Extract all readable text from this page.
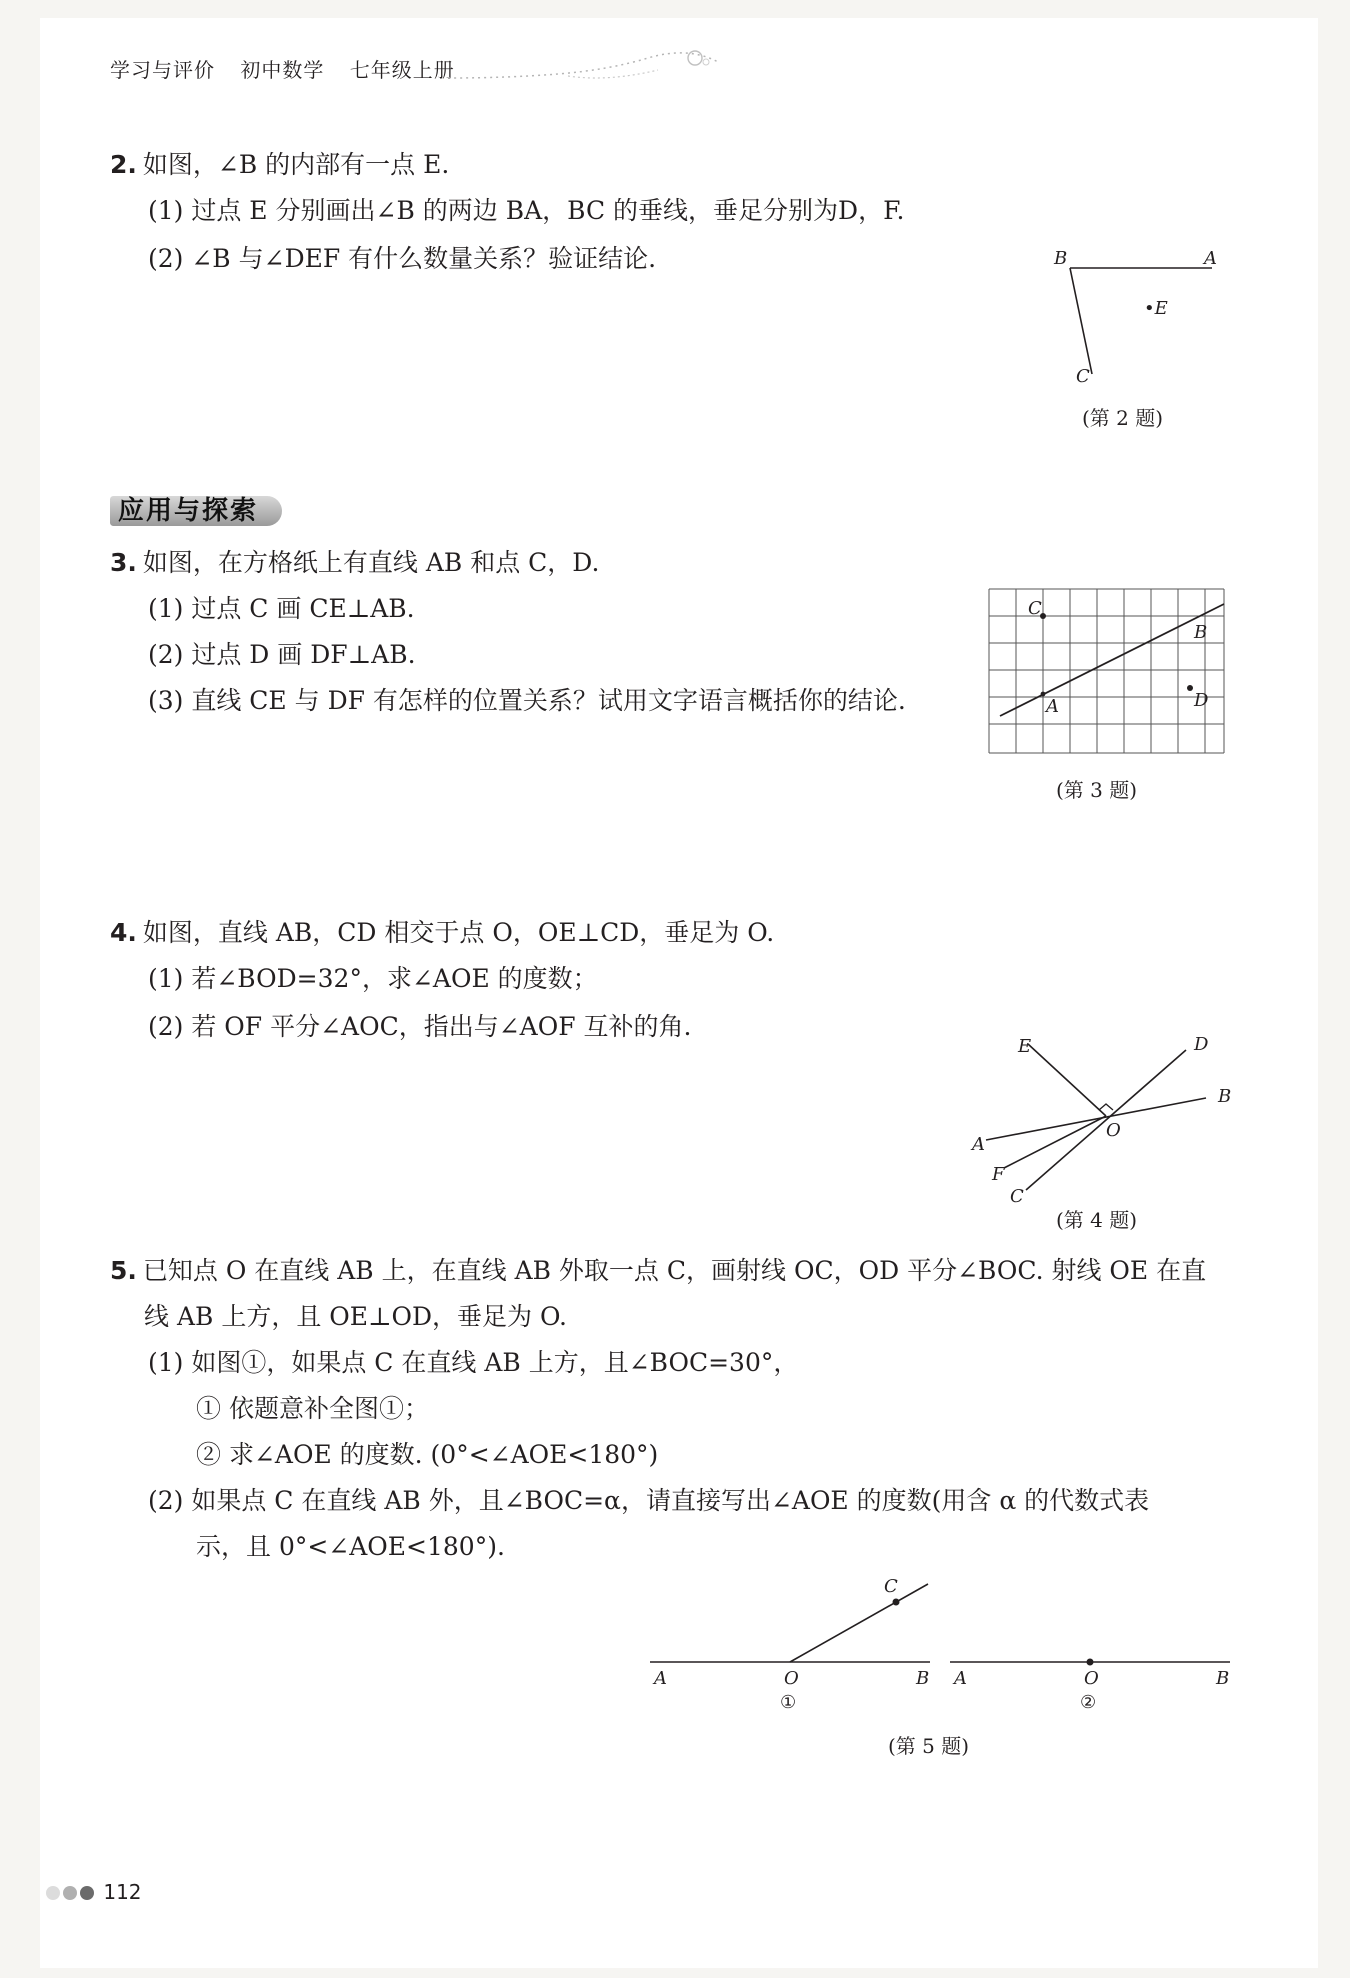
学习与评价 初中数学 七年级上册
2. 如图，∠B 的内部有一点 E.
(1) 过点 E 分别画出∠B 的两边 BA，BC 的垂线，垂足分别为D，F.
(2) ∠B 与∠DEF 有什么数量关系？验证结论.	B	A
•E
C
(第 2 题)
应用与探索
3. 如图，在方格纸上有直线 AB 和点 C，D.
(1) 过点 C 画 CE⊥AB.
(2) 过点 D 画 DF⊥AB.
(3) 直线 CE 与 DF 有怎样的位置关系？试用文字语言概括你的结论.
C
B
A	D
(第 3 题)
4. 如图，直线 AB，CD 相交于点 O，OE⊥CD，垂足为 O.
(1) 若∠BOD=32°，求∠AOE 的度数；
(2) 若 OF 平分∠AOC，指出与∠AOF 互补的角.
E	D
B
O
A
F
C
(第 4 题)
5. 已知点 O 在直线 AB 上，在直线 AB 外取一点 C，画射线 OC，OD 平分∠BOC. 射线 OE 在直
线 AB 上方，且 OE⊥OD，垂足为 O.
(1) 如图①，如果点 C 在直线 AB 上方，且∠BOC=30°，
① 依题意补全图①；
② 求∠AOE 的度数. (0°<∠AOE<180°)
(2) 如果点 C 在直线 AB 外，且∠BOC=α，请直接写出∠AOE 的度数(用含 α 的代数式表
示，且 0°<∠AOE<180°).
A	O	B
C
①
A	O	B
②
(第 5 题)
112
